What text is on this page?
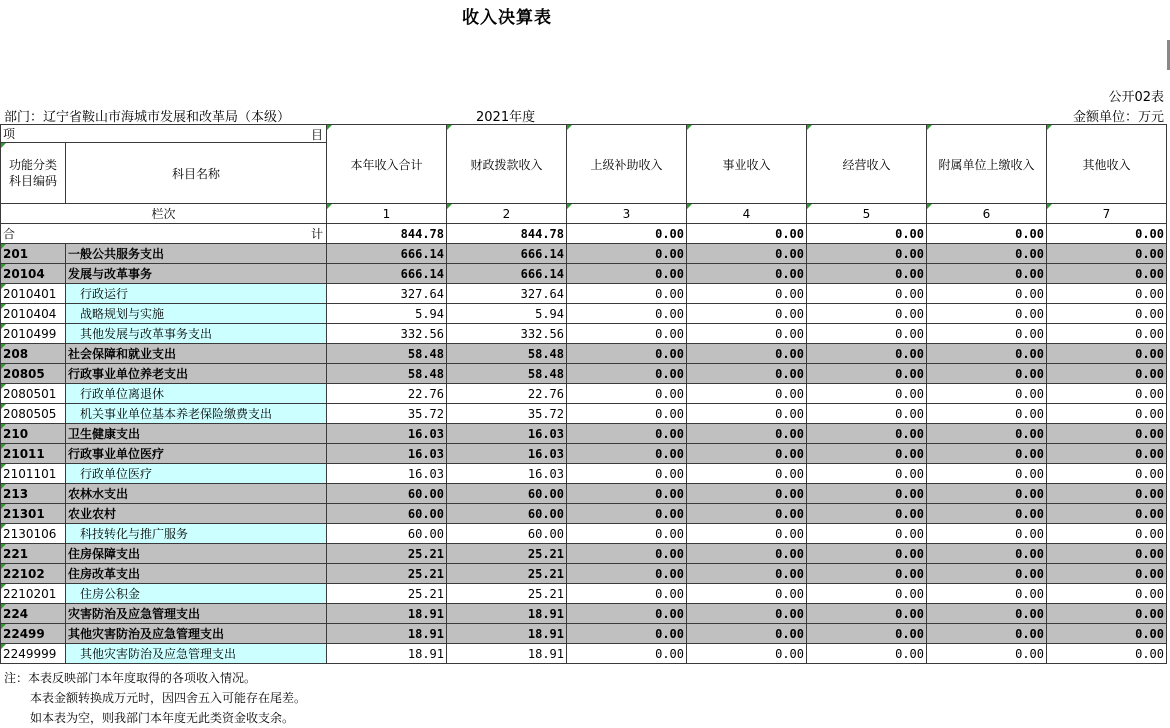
收入决算表
公开02表
部门：辽宁省鞍山市海城市发展和改革局（本级）	2021年度	金额单位：万元
项 目		本年收入合计	财政拨款收入	上级补助收入	事业收入	经营收入	附属单位上缴收入	其他收入
功能分类
科目编码	科目名称							
栏次		1	2	3	4	5	6	7
合 计		844.78	844.78	0.00	0.00	0.00	0.00	0.00
201	一般公共服务支出	666.14	666.14	0.00	0.00	0.00	0.00	0.00
20104	发展与改革事务	666.14	666.14	0.00	0.00	0.00	0.00	0.00
2010401	行政运行	327.64	327.64	0.00	0.00	0.00	0.00	0.00
2010404	战略规划与实施	5.94	5.94	0.00	0.00	0.00	0.00	0.00
2010499	其他发展与改革事务支出	332.56	332.56	0.00	0.00	0.00	0.00	0.00
208	社会保障和就业支出	58.48	58.48	0.00	0.00	0.00	0.00	0.00
20805	行政事业单位养老支出	58.48	58.48	0.00	0.00	0.00	0.00	0.00
2080501	行政单位离退休	22.76	22.76	0.00	0.00	0.00	0.00	0.00
2080505	机关事业单位基本养老保险缴费支出	35.72	35.72	0.00	0.00	0.00	0.00	0.00
210	卫生健康支出	16.03	16.03	0.00	0.00	0.00	0.00	0.00
21011	行政事业单位医疗	16.03	16.03	0.00	0.00	0.00	0.00	0.00
2101101	行政单位医疗	16.03	16.03	0.00	0.00	0.00	0.00	0.00
213	农林水支出	60.00	60.00	0.00	0.00	0.00	0.00	0.00
21301	农业农村	60.00	60.00	0.00	0.00	0.00	0.00	0.00
2130106	科技转化与推广服务	60.00	60.00	0.00	0.00	0.00	0.00	0.00
221	住房保障支出	25.21	25.21	0.00	0.00	0.00	0.00	0.00
22102	住房改革支出	25.21	25.21	0.00	0.00	0.00	0.00	0.00
2210201	住房公积金	25.21	25.21	0.00	0.00	0.00	0.00	0.00
224	灾害防治及应急管理支出	18.91	18.91	0.00	0.00	0.00	0.00	0.00
22499	其他灾害防治及应急管理支出	18.91	18.91	0.00	0.00	0.00	0.00	0.00
2249999	其他灾害防治及应急管理支出	18.91	18.91	0.00	0.00	0.00	0.00	0.00
注：本表反映部门本年度取得的各项收入情况。
本表金额转换成万元时，因四舍五入可能存在尾差。
如本表为空，则我部门本年度无此类资金收支余。
